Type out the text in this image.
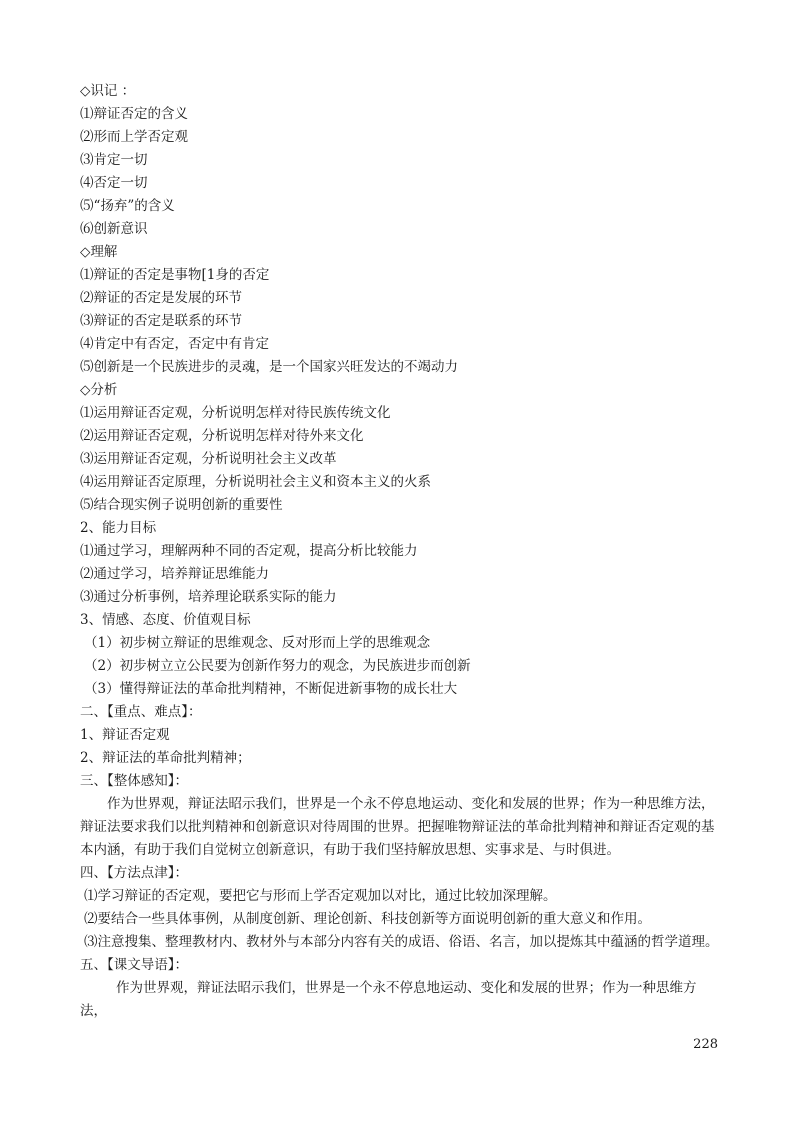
◇识记 ：
⑴辩证否定的含义
⑵形而上学否定观
⑶肯定一切
⑷否定一切
⑸“扬弃”的含义
⑹创新意识
◇理解
⑴辩证的否定是事物[1身的否定
⑵辩证的否定是发展的环节
⑶辩证的否定是联系的环节
⑷肯定中有否定，否定中有肯定
⑸创新是一个民族进步的灵魂，是一个国家兴旺发达的不竭动力
◇分析
⑴运用辩证否定观，分析说明怎样对待民族传统文化
⑵运用辩证否定观，分析说明怎样对待外来文化
⑶运用辩证否定观，分析说明社会主义改革
⑷运用辩证否定原理，分析说明社会主义和资本主义的火系
⑸结合现实例子说明创新的重要性
2、能力目标
⑴通过学习，理解两种不同的否定观，提高分析比较能力
⑵通过学习，培养辩证思维能力
⑶通过分析事例，培养理论联系实际的能力
3、情感、态度、价值观目标
（1）初步树立辩证的思维观念、反对形而上学的思维观念
（2）初步树立立公民要为创新作努力的观念，为民族进步而创新
（3）懂得辩证法的革命批判精神，不断促进新事物的成长壮大
二、【重点、难点】：
1、辩证否定观
2、辩证法的革命批判精神；
三、【整体感知】：
作为世界观，辩证法昭示我们，世界是一个永不停息地运动、变化和发展的世界；作为一种思维方法，辩证法要求我们以批判精神和创新意识对待周围的世界。把握唯物辩证法的革命批判精神和辩证否定观的基本内涵，有助于我们自觉树立创新意识，有助于我们坚持解放思想、实事求是、与时俱进。
四、【方法点津】：
⑴学习辩证的否定观，要把它与形而上学否定观加以对比，通过比较加深理解。
⑵要结合一些具体事例，从制度创新、理论创新、科技创新等方面说明创新的重大意义和作用。
⑶注意搜集、整理教材内、教材外与本部分内容有关的成语、俗语、名言，加以提炼其中蕴涵的哲学道理。
五、【课文导语】：
作为世界观，辩证法昭示我们，世界是一个永不停息地运动、变化和发展的世界；作为一种思维方法，
228
